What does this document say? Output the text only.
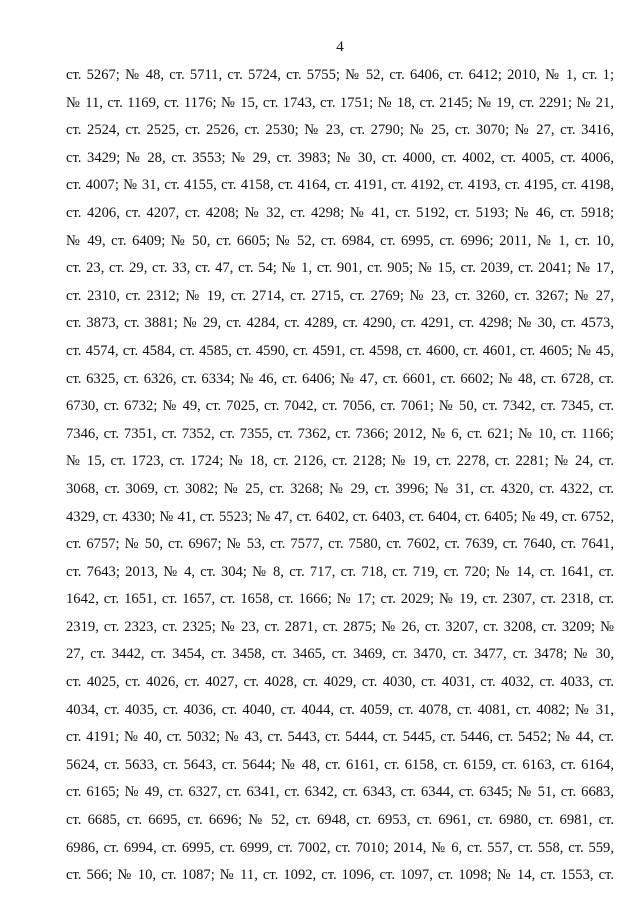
4
ст. 5267; № 48, ст. 5711, ст. 5724, ст. 5755; № 52, ст. 6406, ст. 6412; 2010, № 1, ст. 1;
№ 11, ст. 1169, ст. 1176; № 15, ст. 1743, ст. 1751; № 18, ст. 2145; № 19, ст. 2291; № 21,
ст. 2524, ст. 2525, ст. 2526, ст. 2530; № 23, ст. 2790; № 25, ст. 3070; № 27, ст. 3416,
ст. 3429; № 28, ст. 3553; № 29, ст. 3983; № 30, ст. 4000, ст. 4002, ст. 4005, ст. 4006,
ст. 4007; № 31, ст. 4155, ст. 4158, ст. 4164, ст. 4191, ст. 4192, ст. 4193, ст. 4195, ст. 4198,
ст. 4206, ст. 4207, ст. 4208; № 32, ст. 4298; № 41, ст. 5192, ст. 5193; № 46, ст. 5918;
№ 49, ст. 6409; № 50, ст. 6605; № 52, ст. 6984, ст. 6995, ст. 6996; 2011, № 1, ст. 10,
ст. 23, ст. 29, ст. 33, ст. 47, ст. 54; № 1, ст. 901, ст. 905; № 15, ст. 2039, ст. 2041; № 17,
ст. 2310, ст. 2312; № 19, ст. 2714, ст. 2715, ст. 2769; № 23, ст. 3260, ст. 3267; № 27,
ст. 3873, ст. 3881; № 29, ст. 4284, ст. 4289, ст. 4290, ст. 4291, ст. 4298; № 30, ст. 4573,
ст. 4574, ст. 4584, ст. 4585, ст. 4590, ст. 4591, ст. 4598, ст. 4600, ст. 4601, ст. 4605; № 45,
ст. 6325, ст. 6326, ст. 6334; № 46, ст. 6406; № 47, ст. 6601, ст. 6602; № 48, ст. 6728, ст.
6730, ст. 6732; № 49, ст. 7025, ст. 7042, ст. 7056, ст. 7061; № 50, ст. 7342, ст. 7345, ст.
7346, ст. 7351, ст. 7352, ст. 7355, ст. 7362, ст. 7366; 2012, № 6, ст. 621; № 10, ст. 1166;
№ 15, ст. 1723, ст. 1724; № 18, ст. 2126, ст. 2128; № 19, ст. 2278, ст. 2281; № 24, ст.
3068, ст. 3069, ст. 3082; № 25, ст. 3268; № 29, ст. 3996; № 31, ст. 4320, ст. 4322, ст.
4329, ст. 4330; № 41, ст. 5523; № 47, ст. 6402, ст. 6403, ст. 6404, ст. 6405; № 49, ст. 6752,
ст. 6757; № 50, ст. 6967; № 53, ст. 7577, ст. 7580, ст. 7602, ст. 7639, ст. 7640, ст. 7641,
ст. 7643; 2013, № 4, ст. 304; № 8, ст. 717, ст. 718, ст. 719, ст. 720; № 14, ст. 1641, ст.
1642, ст. 1651, ст. 1657, ст. 1658, ст. 1666; № 17; ст. 2029; № 19, ст. 2307, ст. 2318, ст.
2319, ст. 2323, ст. 2325; № 23, ст. 2871, ст. 2875; № 26, ст. 3207, ст. 3208, ст. 3209; №
27, ст. 3442, ст. 3454, ст. 3458, ст. 3465, ст. 3469, ст. 3470, ст. 3477, ст. 3478; № 30,
ст. 4025, ст. 4026, ст. 4027, ст. 4028, ст. 4029, ст. 4030, ст. 4031, ст. 4032, ст. 4033, ст.
4034, ст. 4035, ст. 4036, ст. 4040, ст. 4044, ст. 4059, ст. 4078, ст. 4081, ст. 4082; № 31,
ст. 4191; № 40, ст. 5032; № 43, ст. 5443, ст. 5444, ст. 5445, ст. 5446, ст. 5452; № 44, ст.
5624, ст. 5633, ст. 5643, ст. 5644; № 48, ст. 6161, ст. 6158, ст. 6159, ст. 6163, ст. 6164,
ст. 6165; № 49, ст. 6327, ст. 6341, ст. 6342, ст. 6343, ст. 6344, ст. 6345; № 51, ст. 6683,
ст. 6685, ст. 6695, ст. 6696; № 52, ст. 6948, ст. 6953, ст. 6961, ст. 6980, ст. 6981, ст.
6986, ст. 6994, ст. 6995, ст. 6999, ст. 7002, ст. 7010; 2014, № 6, ст. 557, ст. 558, ст. 559,
ст. 566; № 10, ст. 1087; № 11, ст. 1092, ст. 1096, ст. 1097, ст. 1098; № 14, ст. 1553, ст.
